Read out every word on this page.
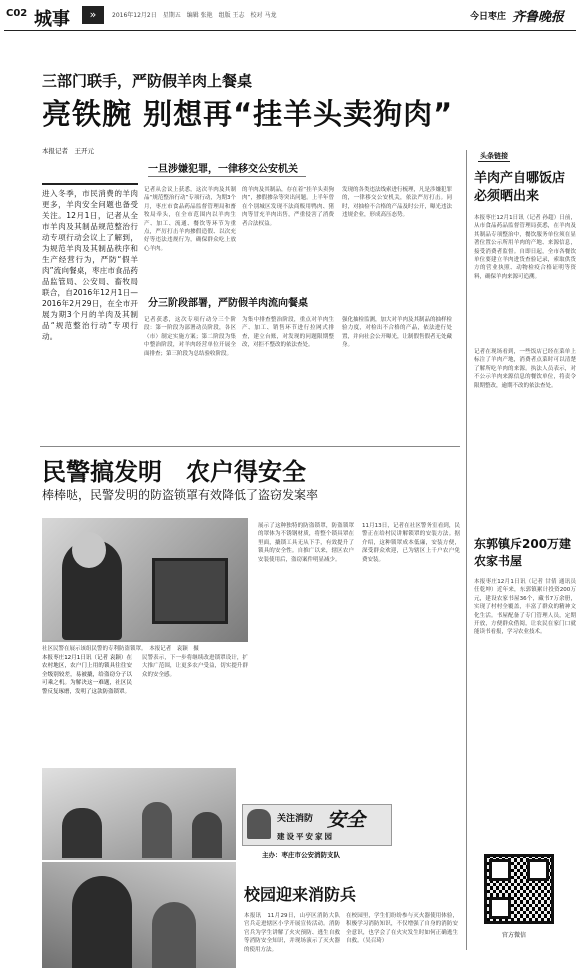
C02 城事	»	2016年12月2日　星期五　编辑 张艳　组版 王志　校对 马龙	今日枣庄 齐鲁晚报
三部门联手，严防假羊肉上餐桌
亮铁腕 别想再“挂羊头卖狗肉”
本报记者　王开元
一旦涉嫌犯罪，一律移交公安机关
进入冬季，市民消费的羊肉更多，羊肉安全问题也备受关注。12月1日，记者从全市羊肉及其制品规范整治行动专项行动会议上了解到，为规范羊肉及其制品秩序和生产经营行为，严防“假羊肉”流向餐桌，枣庄市食品药品监管局、公安局、畜牧局联合，自2016年12月1日—2016年2月29日，在全市开展为期3个月的羊肉及其制品“规范整治行动”专项行动。
记者从会议上获悉，这次羊肉及其制品“规范整治行动”专项行动，为期3个月，枣庄市食品药品监督管理局和畜牧局牵头，在全市范围内以羊肉生产、加工、流通、餐饮等环节为重点，严厉打击羊肉掺假造假、以次充好等违法违规行为，确保群众吃上放心羊肉。
的羊肉及其制品，存在着“挂羊头卖狗肉”，掺假掺杂等突出问题。上半年曾在个别城区发现不法商贩用鸭肉、猪肉等冒充羊肉出售，严重侵害了消费者合法权益。
发现的各类违法线索进行梳理，凡是涉嫌犯罪的，一律移交公安机关，依法严厉打击。同时，对抽检不合格的产品及时公开，曝光违法违规企业，形成高压态势。
分三阶段部署，严防假羊肉流向餐桌
记者获悉，这次专项行动分三个阶段：第一阶段为部署动员阶段，各区（市）制定实施方案；第二阶段为集中整治阶段，对羊肉经营单位开展全面排查；第三阶段为总结验收阶段。
为集中排查整治阶段，重点对羊肉生产、加工、销售环节进行拉网式排查，建立台账，对发现的问题限期整改，对拒不整改的依法查处。
强化抽检监测，加大对羊肉及其制品的抽样检验力度，对检出不合格的产品，依法进行处置，并向社会公开曝光，让制假售假者无处藏身。
头条链接
羊肉产自哪饭店必须晒出来
本报枣庄12月1日讯（记者 孙超）日前，从市食品药品监督管理局获悉，在羊肉及其制品专项整治中，餐饮服务单位须在显著位置公示所用羊肉的产地、来源信息，接受消费者监督。自即日起，全市各餐饮单位要建立羊肉进货查验记录，索取供货方的营业执照、动物检疫合格证明等资料，确保羊肉来源可追溯。
记者在现场看到，一些饭店已经在菜单上标注了羊肉产地，消费者点菜时可以清楚了解所吃羊肉的来源。执法人员表示，对不公示羊肉来源信息的餐饮单位，将责令限期整改，逾期不改的依法查处。
东郭镇斥200万建农家书屋
本报枣庄12月1日讯（记者 甘倩 通讯员 任乾坤）近年来，东郭镇累计投资200万元，建设农家书屋36个，藏书7万余册，实现了村村全覆盖，丰富了群众的精神文化生活。书屋配备了专门管理人员，定期开放，方便群众借阅，让农民在家门口就能读书看报，学习农业技术。
官方微信
民警搞发明　农户得安全
棒棒哒，民警发明的防盗锁罩有效降低了盗窃发案率
社区民警在展示该组民警的专利防盗锁罩。　本报记者　袁颖　摄
本报枣庄12月1日讯（记者 袁颖）在农村地区，农户门上用的锁具往往安全级别较差，易被撬，给盗窃分子以可乘之机。为解决这一难题，社区民警反复琢磨，发明了这款防盗锁罩。
民警表示，下一步将继续改进锁罩设计，扩大推广范围，让更多农户受益，切实提升群众的安全感。
展示了这种独特的防盗锁罩，防盗锁罩的罩体为不锈钢材质，将整个锁具罩在里面，撬锁工具无从下手，有效提升了锁具的安全性。自推广以来，辖区农户安装使用后，盗窃案件明显减少。
11月13日，记者在社区警务室看到，民警正在给村民讲解锁罩的安装方法。据介绍，这种锁罩成本低廉，安装方便，深受群众欢迎，已为辖区上千户农户免费安装。
关注消防 安全
建设平安家园
主办：枣庄市公安消防支队
校园迎来消防兵
本报讯　11月29日，山亭区消防大队官兵走进辖区小学开展宣传活动。消防官兵为学生讲解了火灾预防、逃生自救等消防安全知识，并现场演示了灭火器的使用方法。
在校园里，学生们纷纷参与灭火器使用体验，积极学习消防知识，不仅增强了自身的消防安全意识，也学会了在火灾发生时如何正确逃生自救。（吴召琦）
